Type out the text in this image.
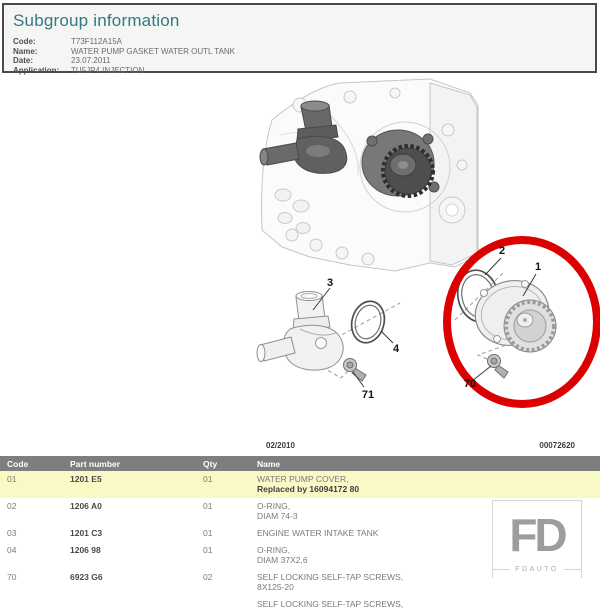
Subgroup information
Code:	T73F112A15A
Name:	WATER PUMP GASKET WATER OUTL TANK
Date:	23.07.2011
Application:	TU5JP4 INJECTION
3
4
71
2
1
70
02/2010	00072620
Code	Part number	Qty	Name
01	1201 E5	01	WATER PUMP COVER,
Replaced by 16094172 80
02	1206 A0	01	O-RING,
DIAM 74-3
03	1201 C3	01	ENGINE WATER INTAKE TANK
04	1206 98	01	O-RING,
DIAM 37X2,6
70	6923 G6	02	SELF LOCKING SELF-TAP SCREWS,
8X125-20
SELF LOCKING SELF-TAP SCREWS,
FD
FDAUTO
